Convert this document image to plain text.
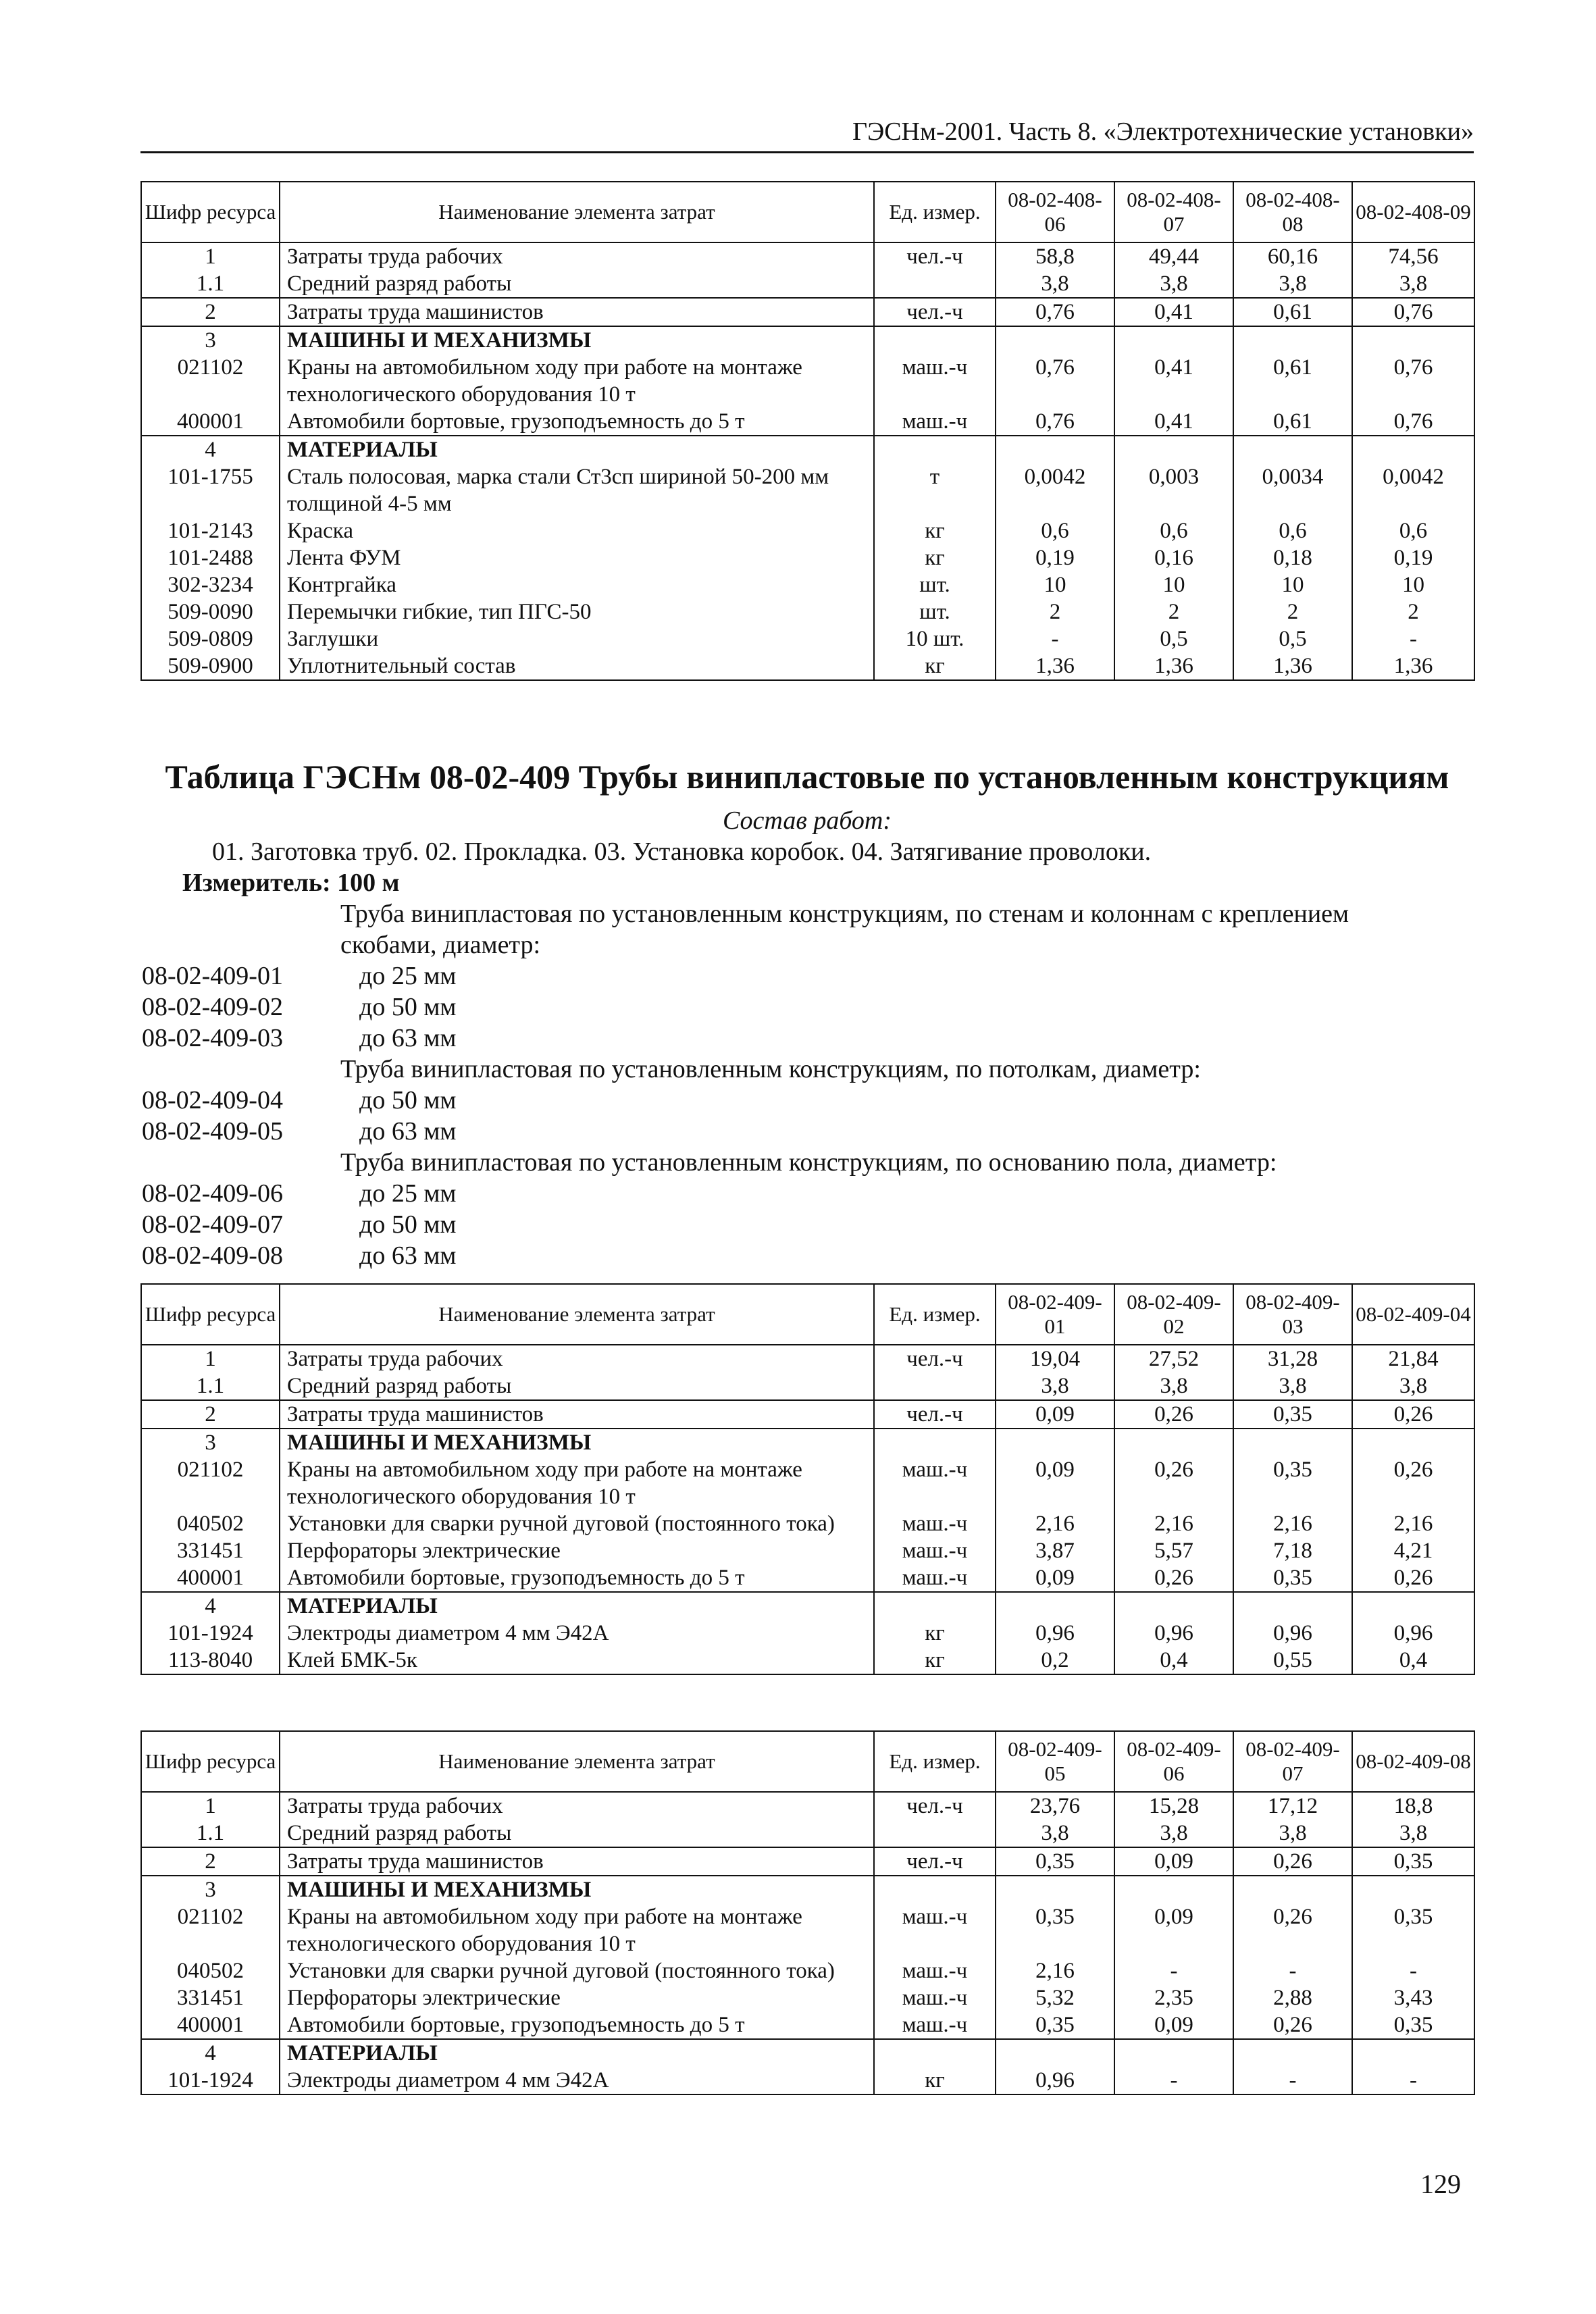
ГЭСНм-2001. Часть 8. «Электротехнические установки»
Шифр ресурса	Наименование элемента затрат	Ед. измер.	08-02-408-06	08-02-408-07	08-02-408-08	08-02-408-09
1	Затраты труда рабочих	чел.-ч	58,8	49,44	60,16	74,56
1.1	Средний разряд работы		3,8	3,8	3,8	3,8
2	Затраты труда машинистов	чел.-ч	0,76	0,41	0,61	0,76
3	МАШИНЫ И МЕХАНИЗМЫ					
021102	Краны на автомобильном ходу при работе на монтаже технологического оборудования 10 т	маш.-ч	0,76	0,41	0,61	0,76
400001	Автомобили бортовые, грузоподъемность до 5 т	маш.-ч	0,76	0,41	0,61	0,76
4	МАТЕРИАЛЫ					
101-1755	Сталь полосовая, марка стали Ст3сп шириной 50-200 мм толщиной 4-5 мм	т	0,0042	0,003	0,0034	0,0042
101-2143	Краска	кг	0,6	0,6	0,6	0,6
101-2488	Лента ФУМ	кг	0,19	0,16	0,18	0,19
302-3234	Контргайка	шт.	10	10	10	10
509-0090	Перемычки гибкие, тип ПГС-50	шт.	2	2	2	2
509-0809	Заглушки	10 шт.	-	0,5	0,5	-
509-0900	Уплотнительный состав	кг	1,36	1,36	1,36	1,36
Таблица ГЭСНм 08-02-409 Трубы винипластовые по установленным конструкциям
Состав работ:
01. Заготовка труб. 02. Прокладка. 03. Установка коробок. 04. Затягивание проволоки.
Измеритель: 100 м
Труба винипластовая по установленным конструкциям, по стенам и колоннам с креплением скобами, диаметр:
08-02-409-01	до 25 мм
08-02-409-02	до 50 мм
08-02-409-03	до 63 мм
Труба винипластовая по установленным конструкциям, по потолкам, диаметр:
08-02-409-04	до 50 мм
08-02-409-05	до 63 мм
Труба винипластовая по установленным конструкциям, по основанию пола, диаметр:
08-02-409-06	до 25 мм
08-02-409-07	до 50 мм
08-02-409-08	до 63 мм
Шифр ресурса	Наименование элемента затрат	Ед. измер.	08-02-409-01	08-02-409-02	08-02-409-03	08-02-409-04
1	Затраты труда рабочих	чел.-ч	19,04	27,52	31,28	21,84
1.1	Средний разряд работы		3,8	3,8	3,8	3,8
2	Затраты труда машинистов	чел.-ч	0,09	0,26	0,35	0,26
3	МАШИНЫ И МЕХАНИЗМЫ					
021102	Краны на автомобильном ходу при работе на монтаже технологического оборудования 10 т	маш.-ч	0,09	0,26	0,35	0,26
040502	Установки для сварки ручной дуговой (постоянного тока)	маш.-ч	2,16	2,16	2,16	2,16
331451	Перфораторы электрические	маш.-ч	3,87	5,57	7,18	4,21
400001	Автомобили бортовые, грузоподъемность до 5 т	маш.-ч	0,09	0,26	0,35	0,26
4	МАТЕРИАЛЫ					
101-1924	Электроды диаметром 4 мм Э42А	кг	0,96	0,96	0,96	0,96
113-8040	Клей БМК-5к	кг	0,2	0,4	0,55	0,4
Шифр ресурса	Наименование элемента затрат	Ед. измер.	08-02-409-05	08-02-409-06	08-02-409-07	08-02-409-08
1	Затраты труда рабочих	чел.-ч	23,76	15,28	17,12	18,8
1.1	Средний разряд работы		3,8	3,8	3,8	3,8
2	Затраты труда машинистов	чел.-ч	0,35	0,09	0,26	0,35
3	МАШИНЫ И МЕХАНИЗМЫ					
021102	Краны на автомобильном ходу при работе на монтаже технологического оборудования 10 т	маш.-ч	0,35	0,09	0,26	0,35
040502	Установки для сварки ручной дуговой (постоянного тока)	маш.-ч	2,16	-	-	-
331451	Перфораторы электрические	маш.-ч	5,32	2,35	2,88	3,43
400001	Автомобили бортовые, грузоподъемность до 5 т	маш.-ч	0,35	0,09	0,26	0,35
4	МАТЕРИАЛЫ					
101-1924	Электроды диаметром 4 мм Э42А	кг	0,96	-	-	-
129
